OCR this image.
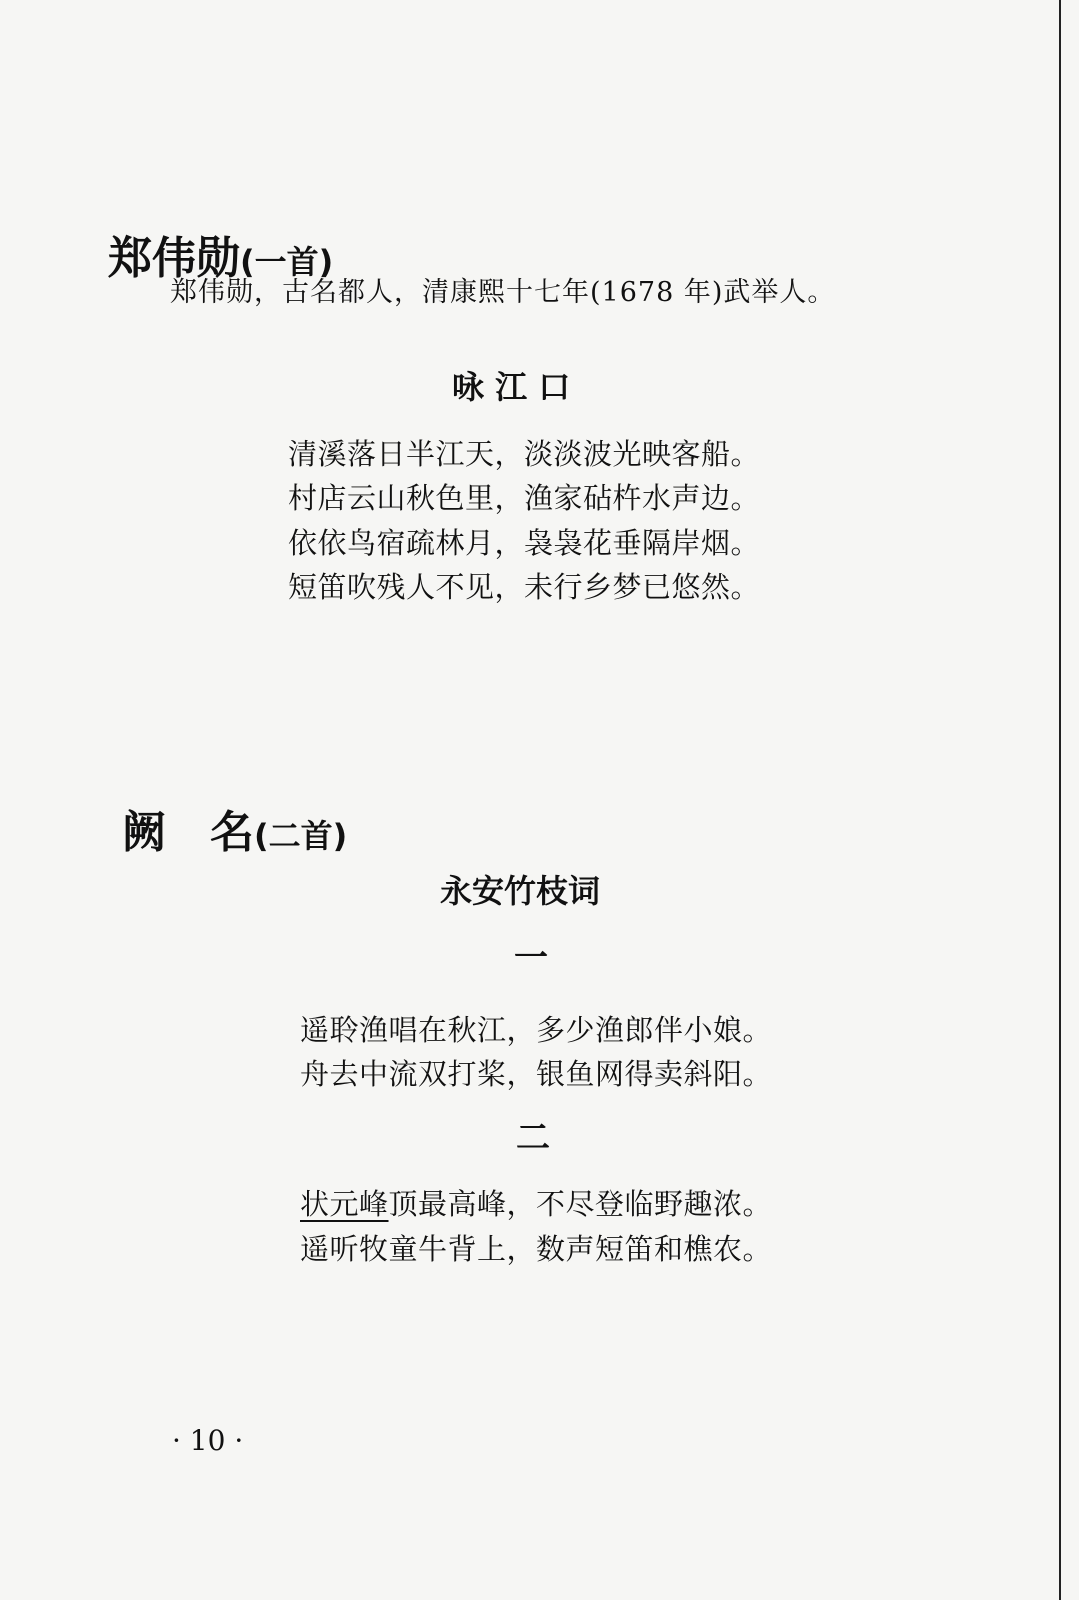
郑伟勋(一首)
郑伟勋，古名都人，清康熙十七年(1678 年)武举人。
咏 江 口
清溪落日半江天，淡淡波光映客船。
村店云山秋色里，渔家砧杵水声边。
依依鸟宿疏林月，袅袅花垂隔岸烟。
短笛吹残人不见，未行乡梦已悠然。
阙　名(二首)
永安竹枝词
一
遥聆渔唱在秋江，多少渔郎伴小娘。
舟去中流双打桨，银鱼网得卖斜阳。
二
状元峰顶最高峰，不尽登临野趣浓。
遥听牧童牛背上，数声短笛和樵农。
· 10 ·
